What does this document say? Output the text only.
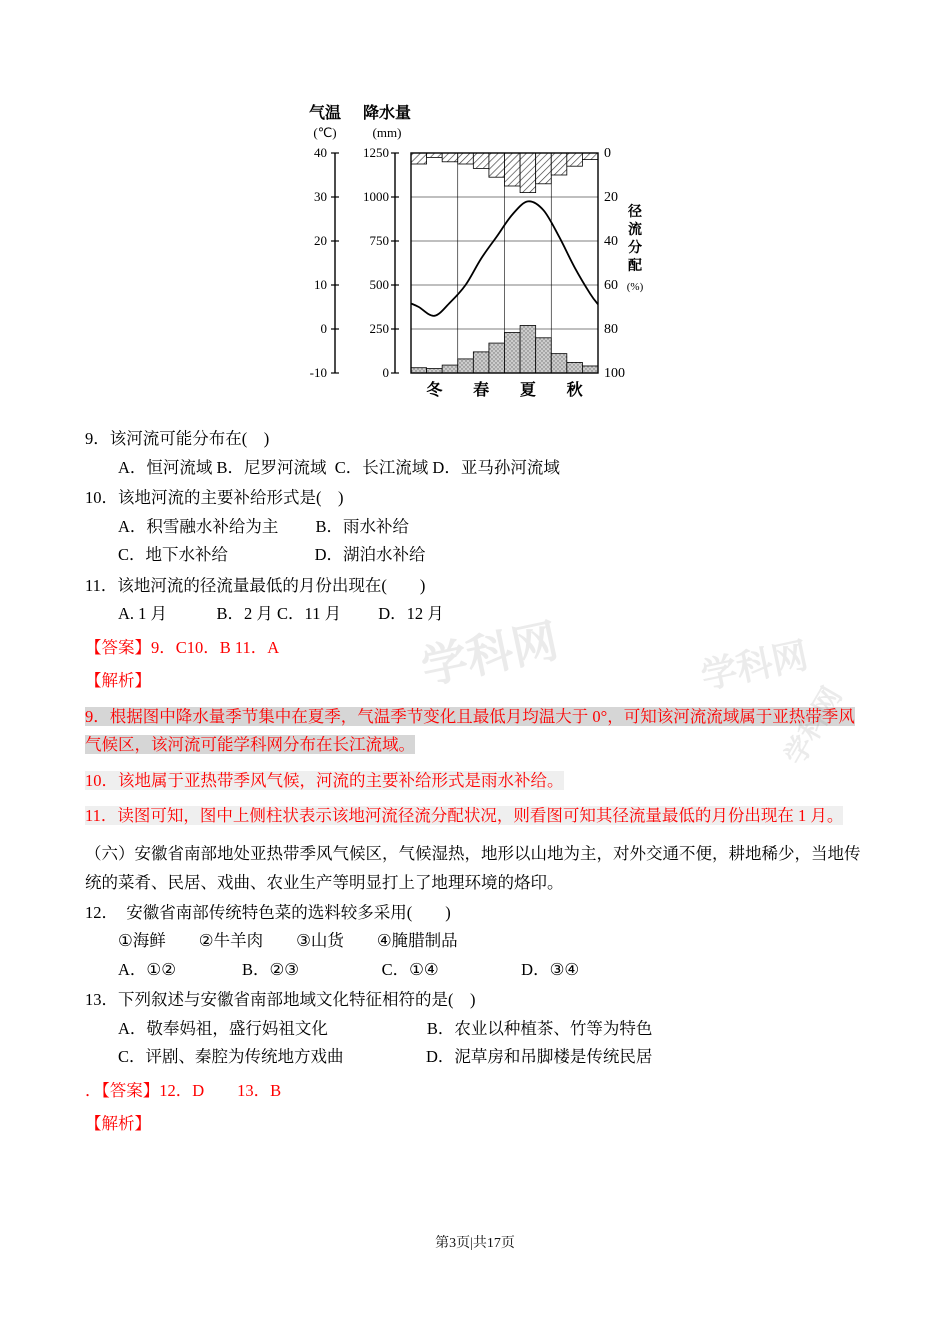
学科网	学科网
学科网
气温
(℃)
降水量
(mm)
40	1250	0
30	1000	20
20	750	40
10	500	60
0	250	80
-10	0	100
冬 春 夏 秋
径
流
分
配
(%)
9．该河流可能分布在(　)
A．恒河流域 B．尼罗河流域  C．长江流域 D．亚马孙河流域
10．该地河流的主要补给形式是(　)
A．积雪融水补给为主　　 B．雨水补给
C．地下水补给　　　　　 D．湖泊水补给
11．该地河流的径流量最低的月份出现在(　　)
A. 1 月　　　B．2 月 C．11 月　　 D．12 月
【答案】9．C10．B 11．A
【解析】
9．根据图中降水量季节集中在夏季，气温季节变化且最低月均温大于 0°，可知该河流流域属于亚热带季风气候区，该河流可能学科网分布在长江流域。
10．该地属于亚热带季风气候，河流的主要补给形式是雨水补给。
11．读图可知，图中上侧柱状表示该地河流径流分配状况，则看图可知其径流量最低的月份出现在 1 月。
（六）安徽省南部地处亚热带季风气候区，气候湿热，地形以山地为主，对外交通不便，耕地稀少，当地传统的菜肴、民居、戏曲、农业生产等明显打上了地理环境的烙印。
12．　安徽省南部传统特色菜的选料较多采用(　　)
①海鲜　　②牛羊肉　　③山货　　④腌腊制品
A．①②　　　　B．②③　　　　　C．①④　　　　　D．③④
13．下列叙述与安徽省南部地域文化特征相符的是(　)
A．敬奉妈祖，盛行妈祖文化　　　　　　B．农业以种植茶、竹等为特色
C．评剧、秦腔为传统地方戏曲　　　　　D．泥草房和吊脚楼是传统民居
．【答案】12．D　　13．B
【解析】
第3页|共17页
